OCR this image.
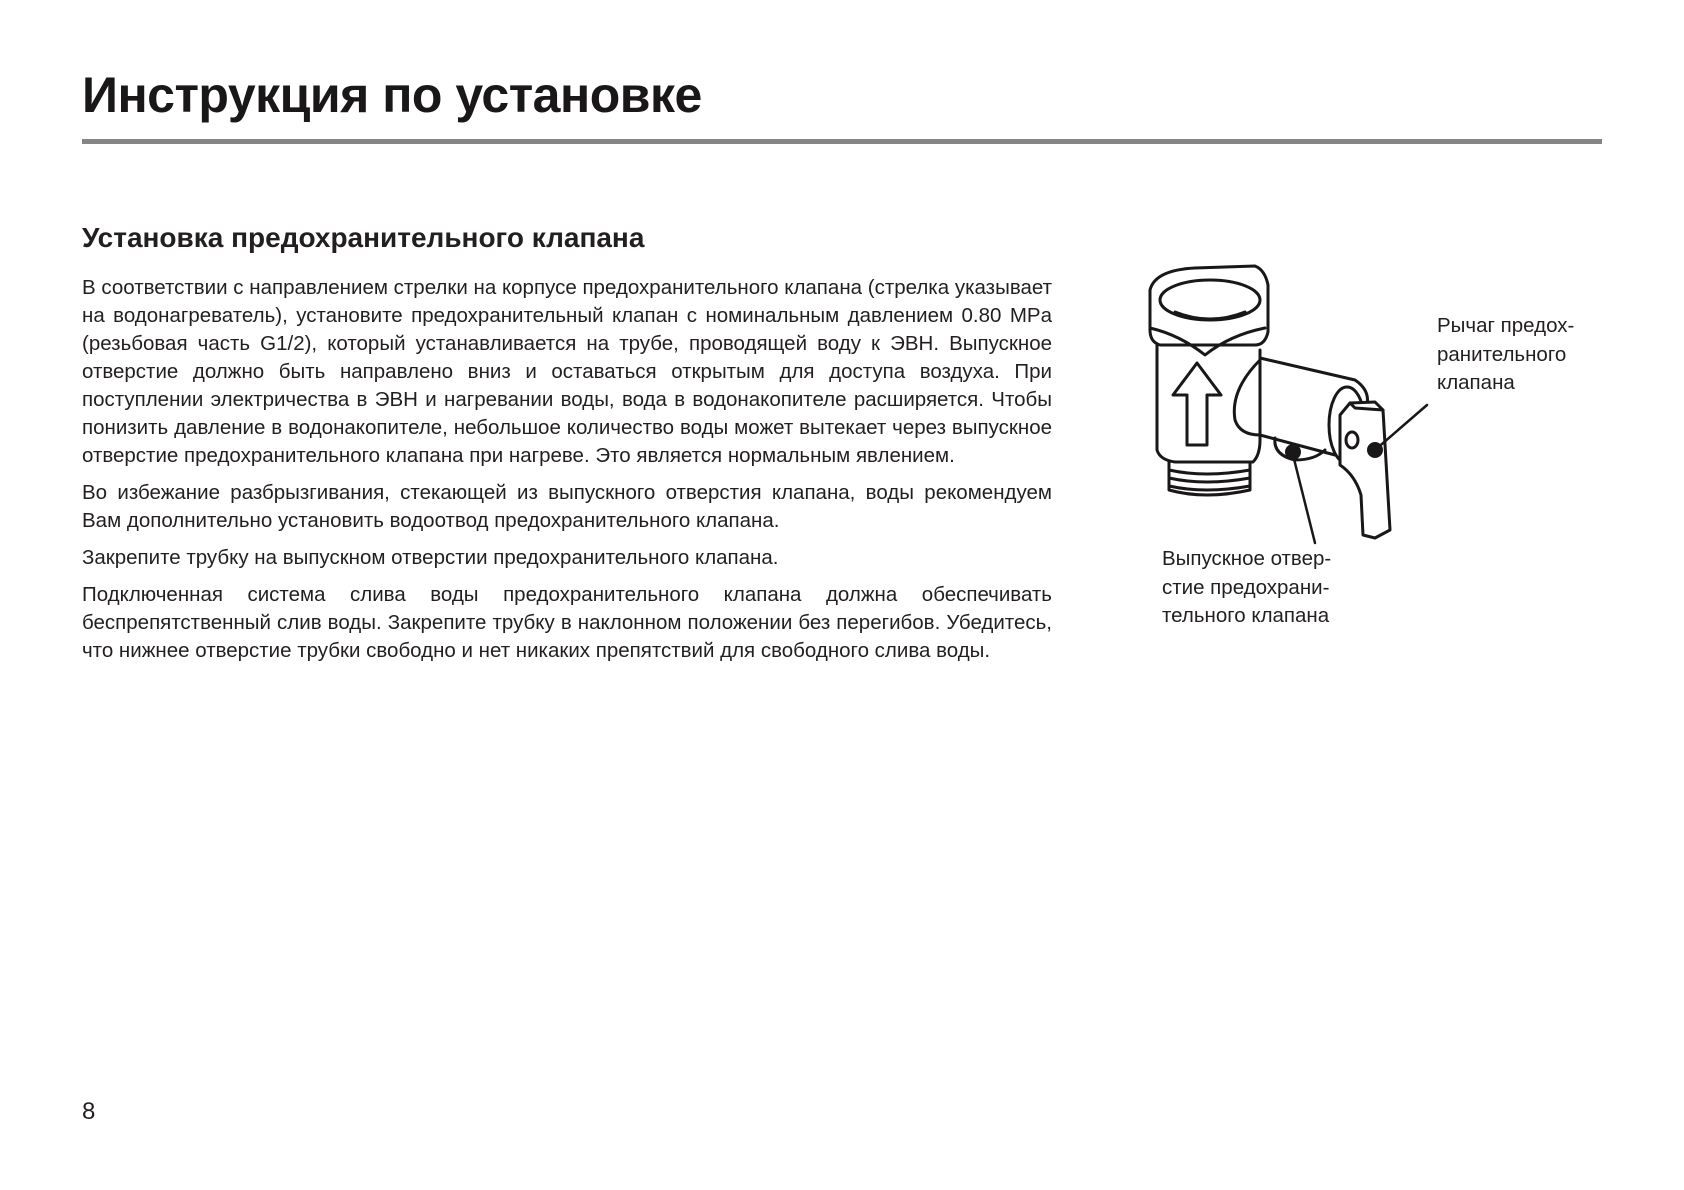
Инструкция по установке
Установка предохранительного клапана

В соответствии с направлением стрелки на корпусе предохранительного клапана (стрелка указывает на водонагреватель), установите предохранительный клапан с номинальным давлением 0.80 MPa (резьбовая часть G1/2), который устанавливается на трубе, проводящей воду к ЭВН. Выпускное отверстие должно быть направлено вниз и оставаться открытым для доступа воздуха. При поступлении электричества в ЭВН и нагревании воды, вода в водонакопителе расширяется. Чтобы понизить давление в водонакопителе, небольшое количество воды может вытекает через выпускное отверстие предохранительного клапана при нагреве. Это является нормальным явлением.

Во избежание разбрызгивания, стекающей из выпускного отверстия клапана, воды рекомендуем Вам дополнительно установить водоотвод предохранительного клапана.

Закрепите трубку на выпускном отверстии предохранительного клапана.

Подключенная система слива воды предохранительного клапана должна обеспечивать беспрепятственный слив воды. Закрепите трубку в наклонном положении без перегибов. Убедитесь, что нижнее отверстие трубки свободно и нет никаких препятствий для свободного слива воды.

Рычаг предох-
ранительного
клапана
Выпускное отвер-
стие предохрани-
тельного клапана
8
